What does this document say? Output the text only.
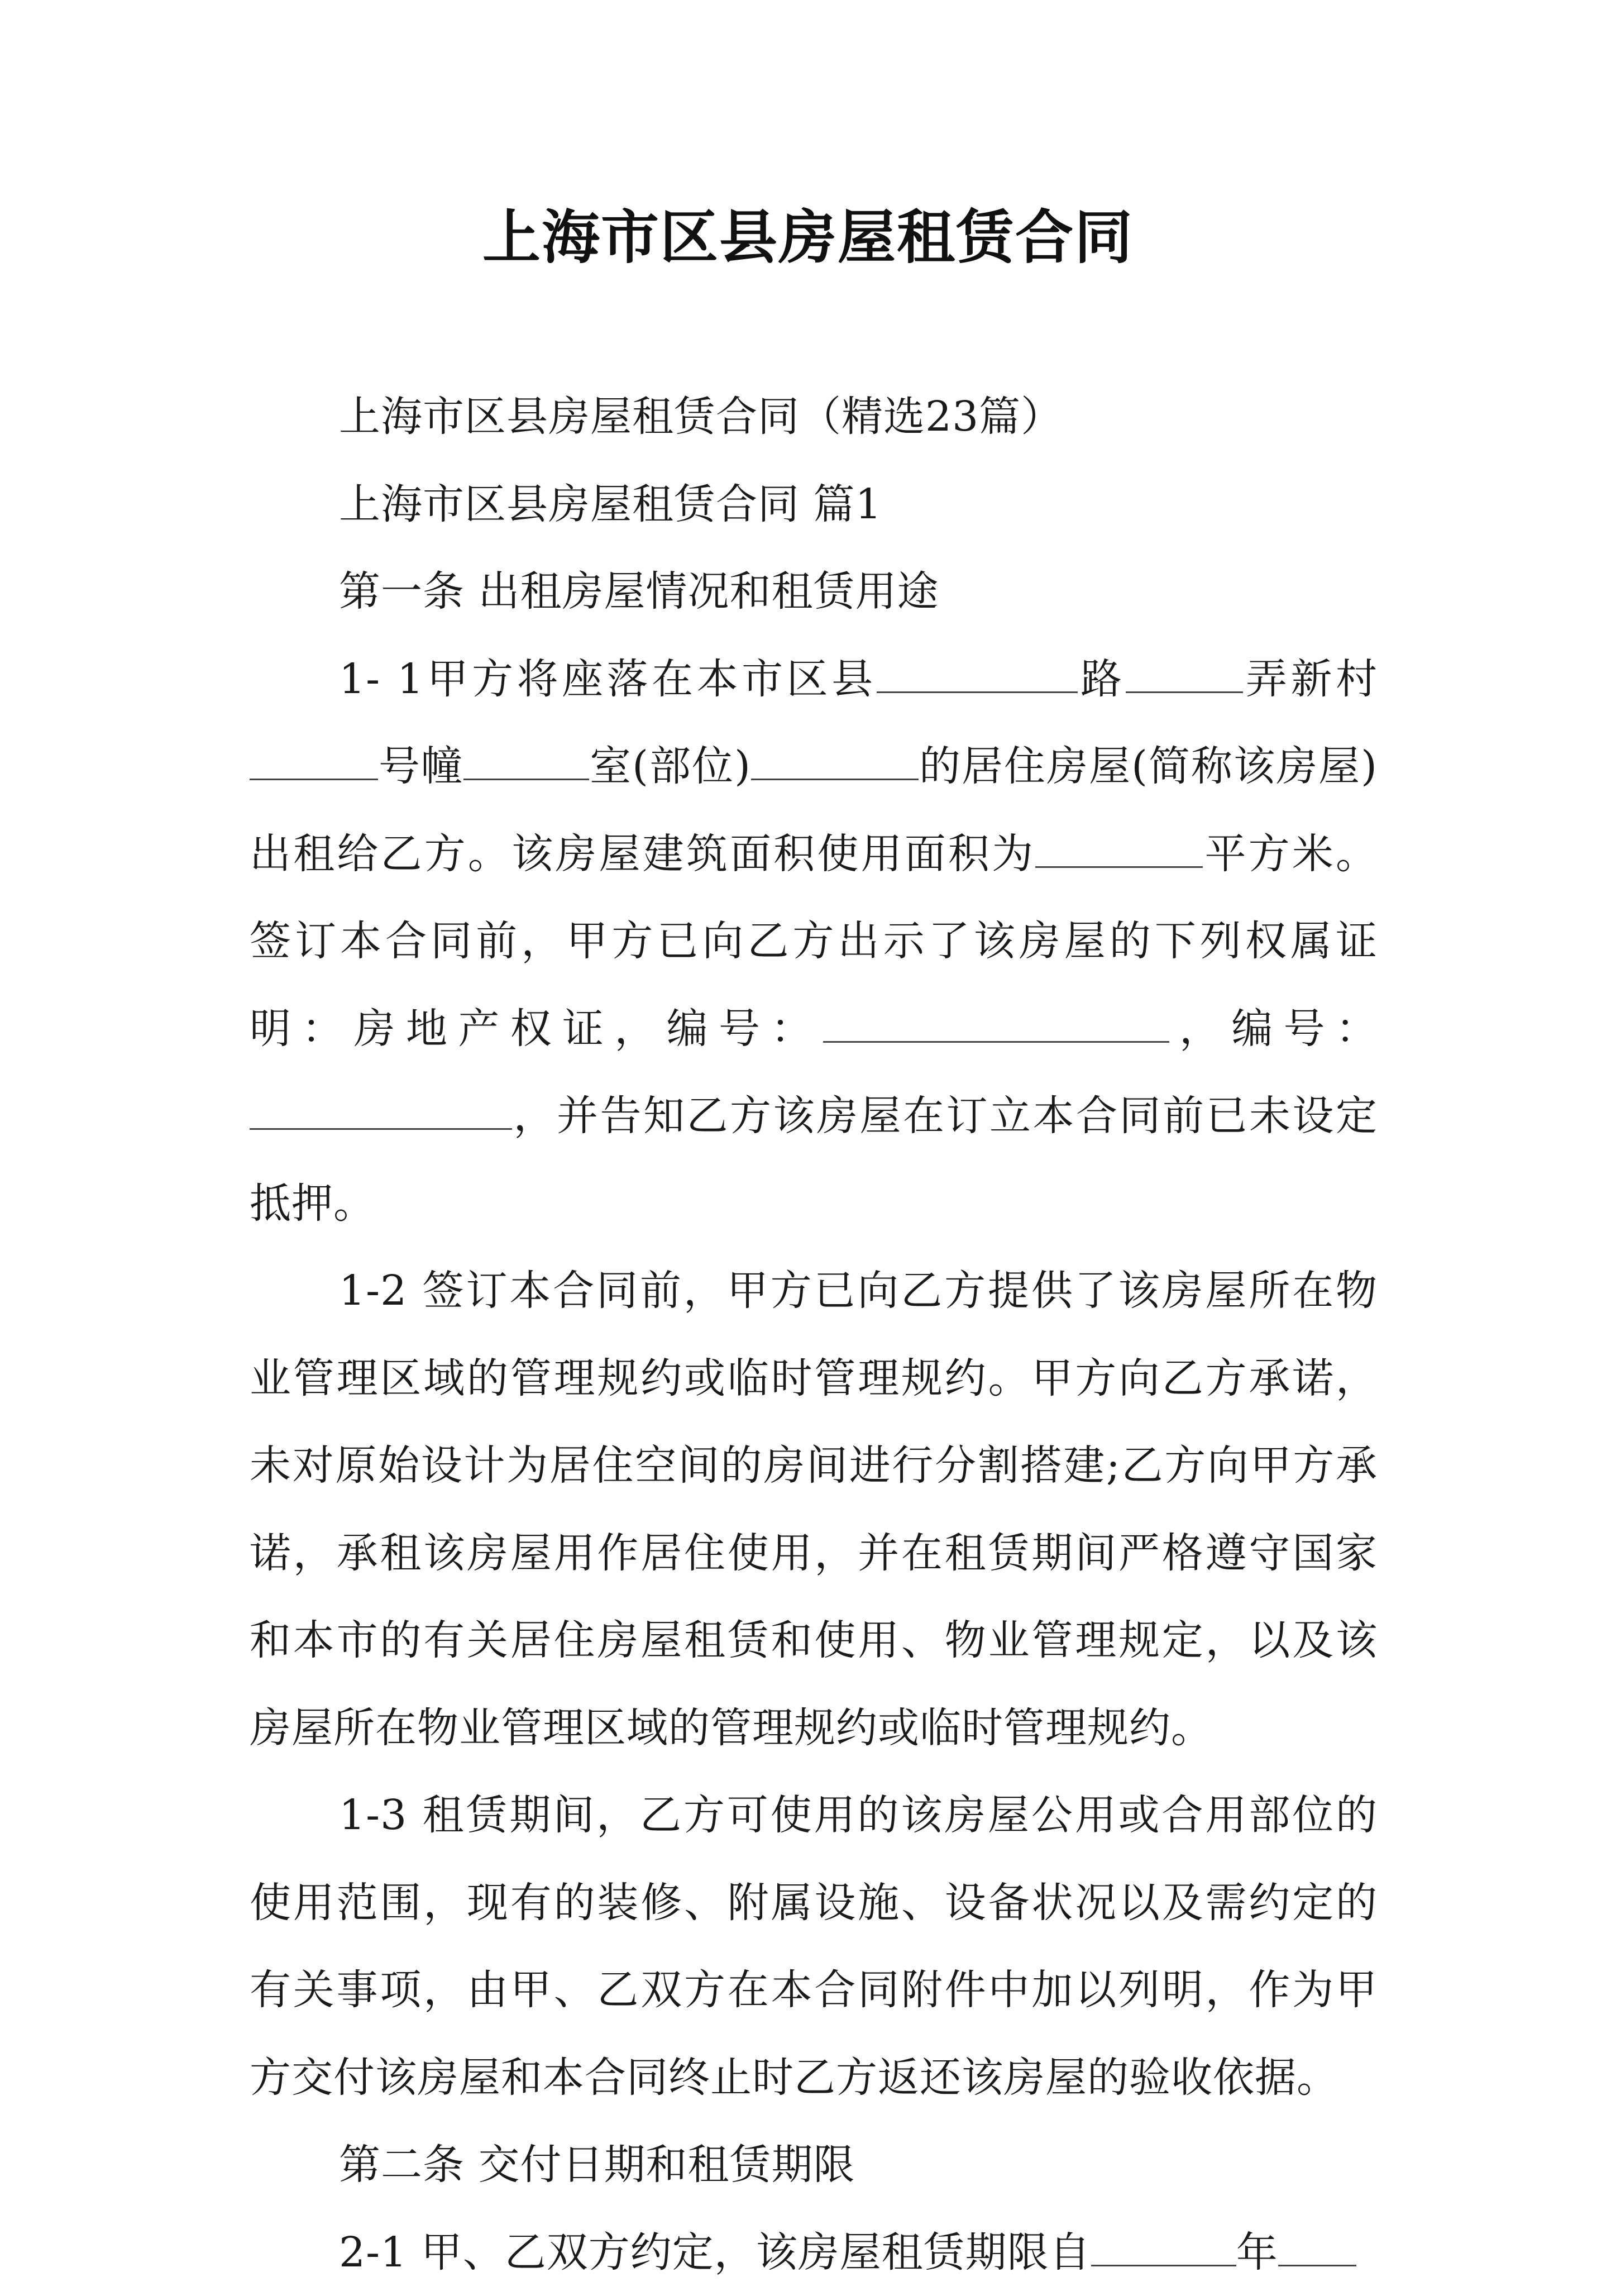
上海市区县房屋租赁合同

上海市区县房屋租赁合同（精选23篇）

上海市区县房屋租赁合同 篇1

第一条 出租房屋情况和租赁用途

1- 1甲方将座落在本市区县	路	弄新村号幢	室(部位)	的居住房屋(简称该房屋)出租给乙方。该房屋建筑面积使用面积为	平方米。签订本合同前，甲方已向乙方出示了该房屋的下列权属证明：房地产权证，编号：	，编号：，并告知乙方该房屋在订立本合同前已未设定抵押。

1-2 签订本合同前，甲方已向乙方提供了该房屋所在物业管理区域的管理规约或临时管理规约。甲方向乙方承诺，未对原始设计为居住空间的房间进行分割搭建;乙方向甲方承诺，承租该房屋用作居住使用，并在租赁期间严格遵守国家和本市的有关居住房屋租赁和使用、物业管理规定，以及该房屋所在物业管理区域的管理规约或临时管理规约。

1-3 租赁期间，乙方可使用的该房屋公用或合用部位的使用范围，现有的装修、附属设施、设备状况以及需约定的有关事项，由甲、乙双方在本合同附件中加以列明，作为甲方交付该房屋和本合同终止时乙方返还该房屋的验收依据。

第二条 交付日期和租赁期限

2-1 甲、乙双方约定，该房屋租赁期限自	年
